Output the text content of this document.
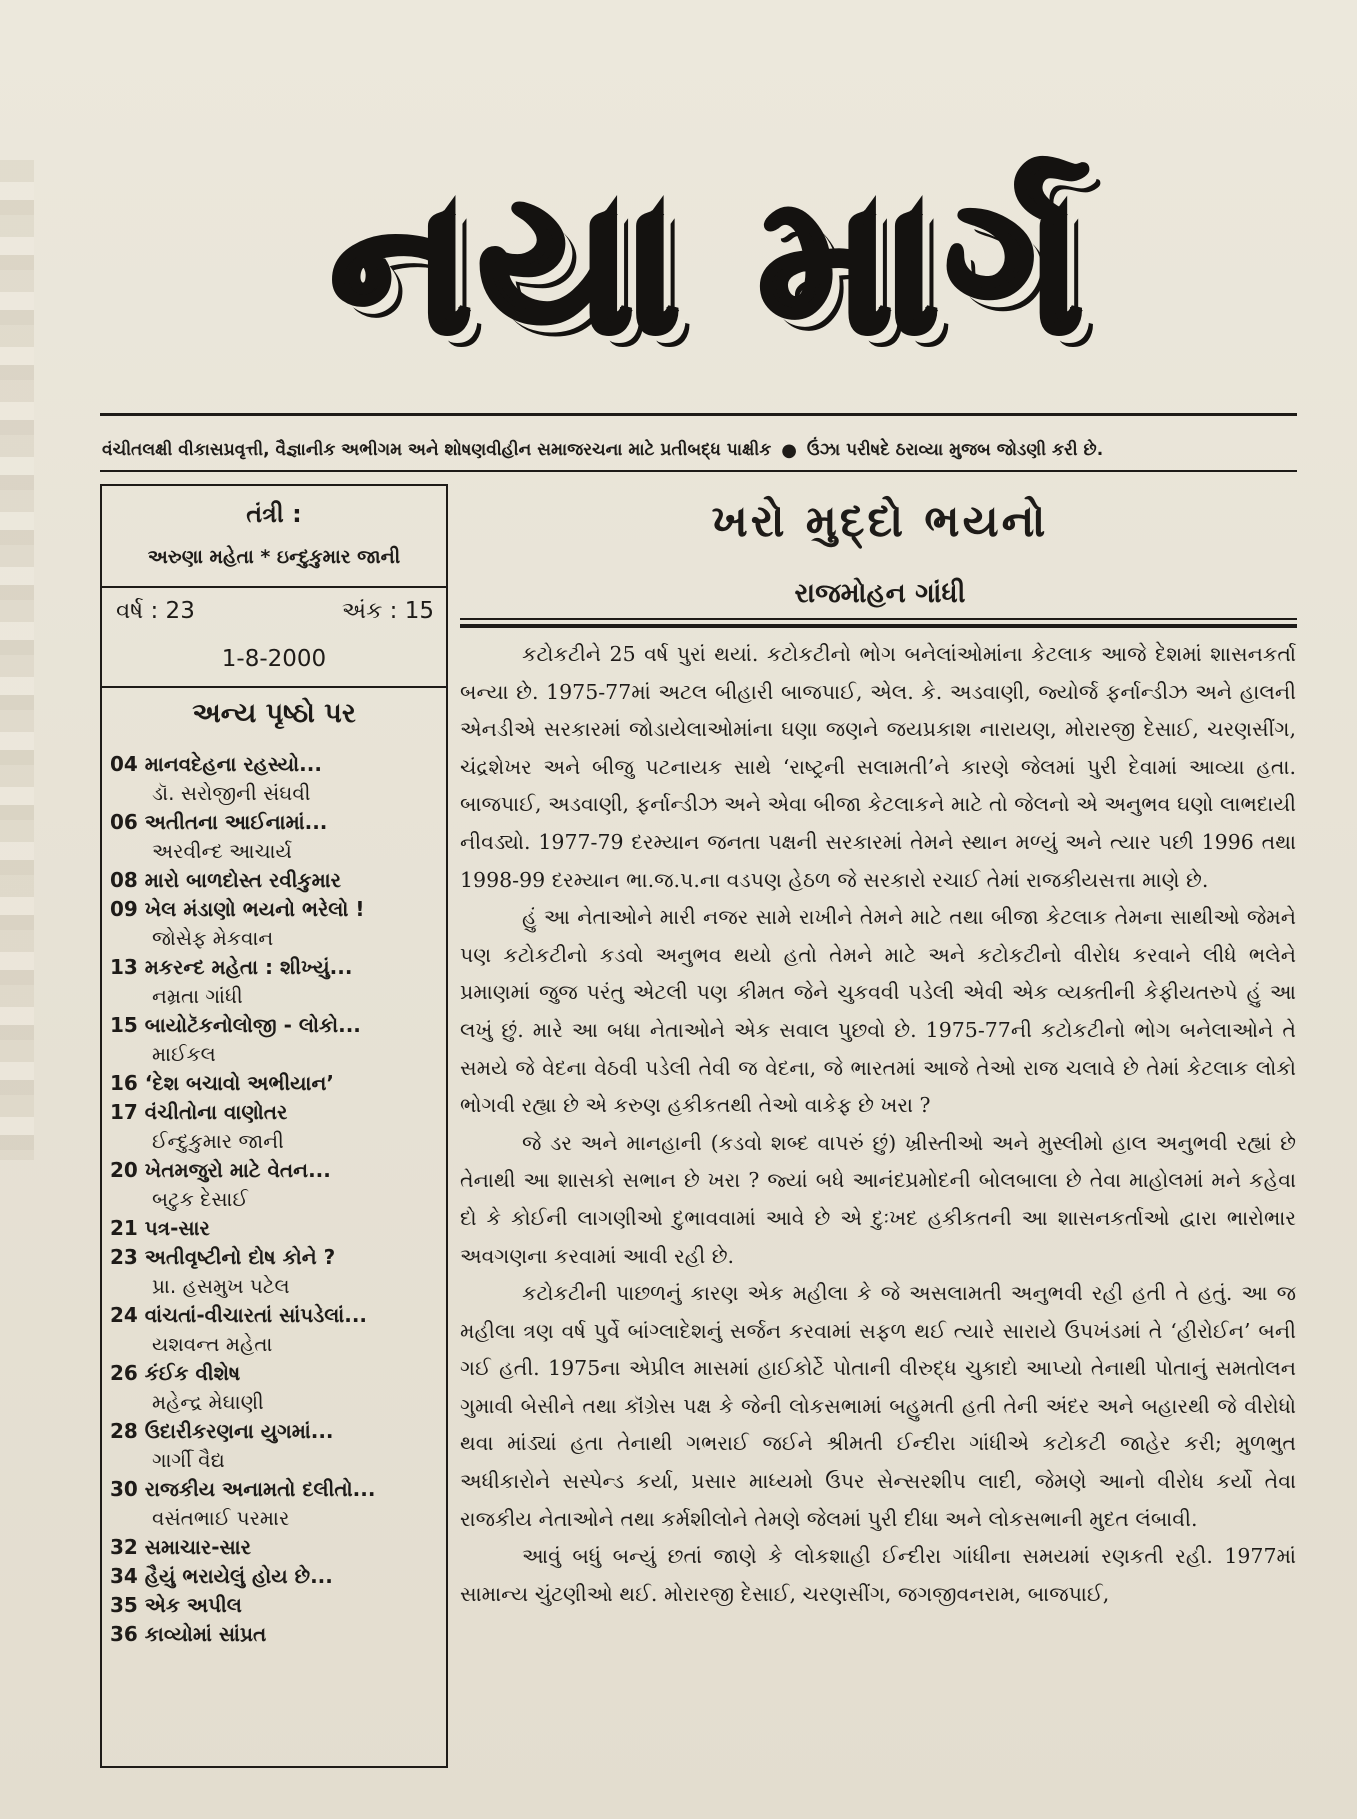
નયા માર્ગ
વંચીતલક્ષી વીકાસપ્રવૃત્તી, વૈજ્ઞાનીક અભીગમ અને શોષણવીહીન સમાજરચના માટે પ્રતીબદ્ધ પાક્ષીક ● ઉંઝા પરીષદે ઠરાવ્યા મુજબ જોડણી કરી છે.
તંત્રી :
અરુણા મહેતા * ઇન્દુકુમાર જાની
વર્ષ : 23	અંક : 15
1-8-2000
અન્ય પૃષ્ઠો પર
04 માનવદેહના રહસ્યો...
ડૉ. સરોજીની સંઘવી
06 અતીતના આઈનામાં...
અરવીન્દ આચાર્ય
08 મારો બાળદોસ્ત રવીકુમાર
09 ખેલ મંડાણો ભયનો ભરેલો !
જોસેફ મેકવાન
13 મકરન્દ મહેતા : શીખ્યું...
નમ્રતા ગાંધી
15 બાયોટૅકનોલોજી - લોકો...
માઈકલ
16 ‘દેશ બચાવો અભીયાન’
17 વંચીતોના વાણોતર
ઈન્દુકુમાર જાની
20 ખેતમજુરો માટે વેતન...
બટુક દેસાઈ
21 પત્ર-સાર
23 અતીવૃષ્ટીનો દોષ કોને ?
પ્રા. હસમુખ પટેલ
24 વાંચતાં-વીચારતાં સાંપડેલાં...
યશવન્ત મહેતા
26 કંઈક વીશેષ
મહેન્દ્ર મેઘાણી
28 ઉદારીકરણના યુગમાં...
ગાર્ગી વૈદ્ય
30 રાજકીય અનામતો દલીતો...
વસંતભાઈ પરમાર
32 સમાચાર-સાર
34 હૈયું ભરાયેલું હોય છે...
35 એક અપીલ
36 કાવ્યોમાં સાંપ્રત
ખરો મુદ્દો ભયનો
રાજમોહન ગાંધી

કટોકટીને 25 વર્ષ પુરાં થયાં. કટોકટીનો ભોગ બનેલાંઓમાંના કેટલાક આજે દેશમાં શાસનકર્તા બન્યા છે. 1975-77માં અટલ બીહારી બાજપાઈ, એલ. કે. અડવાણી, જ્યોર્જ ફર્નાન્ડીઝ અને હાલની એનડીએ સરકારમાં જોડાયેલાઓમાંના ઘણા જણને જયપ્રકાશ નારાયણ, મોરારજી દેસાઈ, ચરણસીંગ, ચંદ્રશેખર અને બીજુ પટનાયક સાથે ‘રાષ્ટ્રની સલામતી’ને કારણે જેલમાં પુરી દેવામાં આવ્યા હતા. બાજપાઈ, અડવાણી, ફર્નાન્ડીઝ અને એવા બીજા કેટલાકને માટે તો જેલનો એ અનુભવ ઘણો લાભદાયી નીવડ્યો. 1977-79 દરમ્યાન જનતા પક્ષની સરકારમાં તેમને સ્થાન મળ્યું અને ત્યાર પછી 1996 તથા 1998-99 દરમ્યાન ભા.જ.પ.ના વડપણ હેઠળ જે સરકારો રચાઈ તેમાં રાજકીયસત્તા માણે છે.

હું આ નેતાઓને મારી નજર સામે રાખીને તેમને માટે તથા બીજા કેટલાક તેમના સાથીઓ જેમને પણ કટોકટીનો કડવો અનુભવ થયો હતો તેમને માટે અને કટોકટીનો વીરોધ કરવાને લીધે ભલેને પ્રમાણમાં જુજ પરંતુ એટલી પણ કીમત જેને ચુકવવી પડેલી એવી એક વ્યક્તીની કેફીયતરુપે હું આ લખું છું. મારે આ બધા નેતાઓને એક સવાલ પુછવો છે. 1975-77ની કટોકટીનો ભોગ બનેલાઓને તે સમયે જે વેદના વેઠવી પડેલી તેવી જ વેદના, જે ભારતમાં આજે તેઓ રાજ ચલાવે છે તેમાં કેટલાક લોકો ભોગવી રહ્યા છે એ કરુણ હકીકતથી તેઓ વાકેફ છે ખરા ?

જે ડર અને માનહાની (કડવો શબ્દ વાપરું છું) ખ્રીસ્તીઓ અને મુસ્લીમો હાલ અનુભવી રહ્યાં છે તેનાથી આ શાસકો સભાન છે ખરા ? જ્યાં બધે આનંદપ્રમોદની બોલબાલા છે તેવા માહોલમાં મને કહેવા દો કે કોઈની લાગણીઓ દુભાવવામાં આવે છે એ દુઃખદ હકીકતની આ શાસનકર્તાઓ દ્વારા ભારોભાર અવગણના કરવામાં આવી રહી છે.

કટોકટીની પાછળનું કારણ એક મહીલા કે જે અસલામતી અનુભવી રહી હતી તે હતું. આ જ મહીલા ત્રણ વર્ષ પુર્વે બાંગ્લાદેશનું સર્જન કરવામાં સફળ થઈ ત્યારે સારાયે ઉપખંડમાં તે ‘હીરોઈન’ બની ગઈ હતી. 1975ના એપ્રીલ માસમાં હાઈકોર્ટે પોતાની વીરુદ્ધ ચુકાદો આપ્યો તેનાથી પોતાનું સમતોલન ગુમાવી બેસીને તથા કૉંગ્રેસ પક્ષ કે જેની લોકસભામાં બહુમતી હતી તેની અંદર અને બહારથી જે વીરોધો થવા માંડ્યાં હતા તેનાથી ગભરાઈ જઈને શ્રીમતી ઈન્દીરા ગાંધીએ કટોકટી જાહેર કરી; મુળભુત અધીકારોને સસ્પેન્ડ કર્યા, પ્રસાર માધ્યમો ઉપર સેન્સરશીપ લાદી, જેમણે આનો વીરોધ કર્યો તેવા રાજકીય નેતાઓને તથા કર્મશીલોને તેમણે જેલમાં પુરી દીધા અને લોકસભાની મુદત લંબાવી.

આવું બધું બન્યું છતાં જાણે કે લોકશાહી ઈન્દીરા ગાંધીના સમયમાં રણકતી રહી. 1977માં સામાન્ય ચુંટણીઓ થઈ. મોરારજી દેસાઈ, ચરણસીંગ, જગજીવનરામ, બાજપાઈ,
